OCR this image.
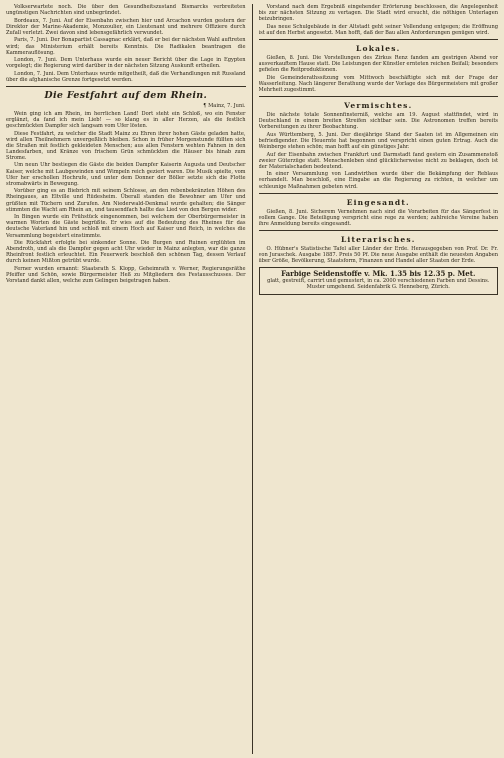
Volkserwartete noch. Die über den Gesundheitszustand Bismarcks verbreiteten ungünstigen Nachrichten sind unbegründet.

Bordeaux, 7. Juni. Auf der Eisenbahn zwischen hier und Arcachon wurden gestern der Direktor der Marine-Akademie, Monzoulier, ein Lieutenant und mehrere Offiziere durch Zufall verletzt. Zwei davon sind lebensgefährlich verwundet.

Paris, 7. Juni. Der Bonapartist Cassagnac erklärt, daß er bei der nächsten Wahl auftreten wird; das Ministerium erhält bereits Kenntnis. Die Radikalen beantragen die Kammerauflösung.

London, 7. Juni. Dem Unterhaus wurde ein neuer Bericht über die Lage in Egypten vorgelegt; die Regierung wird darüber in der nächsten Sitzung Auskunft ertheilen.

London, 7. Juni. Dem Unterhaus wurde mitgetheilt, daß die Verhandlungen mit Russland über die afghanische Grenze fortgesetzt werden.

Die Festfahrt auf dem Rhein.

¶ Mainz, 7. Juni.

Wein ging ich am Rhein, im herrlichen Land! Dort steht ein Schloß, wo ein Fenster erglänzt, da fand ich mein Lieb! — so klang es in aller Herzen, als die festlich geschmückten Dampfer sich langsam vom Ufer lösten.

Diese Festfahrt, zu welcher die Stadt Mainz zu Ehren ihrer hohen Gäste geladen hatte, wird allen Theilnehmern unvergeßlich bleiben. Schon in früher Morgenstunde füllten sich die Straßen mit festlich gekleideten Menschen; aus allen Fenstern wehten Fahnen in den Landesfarben, und Kränze von frischem Grün schmückten die Häuser bis hinab zum Strome.

Um neun Uhr bestiegen die Gäste die beiden Dampfer Kaiserin Augusta und Deutscher Kaiser, welche mit Laubgewinden und Wimpeln reich geziert waren. Die Musik spielte, vom Ufer her erschollen Hochrufe, und unter dem Donner der Böller setzte sich die Flotte stromabwärts in Bewegung.

Vorüber ging es an Biebrich mit seinem Schlosse, an den rebenbekränzten Höhen des Rheingaues, an Eltville und Rüdesheim. Überall standen die Bewohner am Ufer und grüßten mit Tüchern und Zurufen. Am Niederwald-Denkmal wurde gehalten; die Sänger stimmten die Wacht am Rhein an, und tausendfach hallte das Lied von den Bergen wider.

In Bingen wurde ein Frühstück eingenommen, bei welchem der Oberbürgermeister in warmen Worten die Gäste begrüßte. Er wies auf die Bedeutung des Rheines für das deutsche Vaterland hin und schloß mit einem Hoch auf Kaiser und Reich, in welches die Versammlung begeistert einstimmte.

Die Rückfahrt erfolgte bei sinkender Sonne. Die Burgen und Ruinen erglühten im Abendroth, und als die Dampfer gegen acht Uhr wieder in Mainz anlegten, war die ganze Rheinfront festlich erleuchtet. Ein Feuerwerk beschloß den schönen Tag, dessen Verlauf durch keinen Mißton getrübt wurde.

Ferner wurden ernannt: Staatsrath S. Klopp, Geheimrath v. Werner, Regierungsräthe Pfeiffer und Schön, sowie Bürgermeister Heß zu Mitgliedern des Festausschusses. Der Vorstand dankt allen, welche zum Gelingen beigetragen haben.

Vorstand nach dem Ergebniß eingehender Erörterung beschlossen, die Angelegenheit bis zur nächsten Sitzung zu vertagen. Die Stadt wird ersucht, die nöthigen Unterlagen beizubringen.

Das neue Schulgebäude in der Altstadt geht seiner Vollendung entgegen; die Eröffnung ist auf den Herbst angesetzt. Man hofft, daß der Bau allen Anforderungen genügen wird.

Lokales.

Gießen, 8. Juni. Die Vorstellungen des Zirkus Renz fanden am gestrigen Abend vor ausverkauftem Hause statt. Die Leistungen der Künstler ernteten reichen Beifall; besonders gefielen die Reitproduktionen.

Die Gemeinderathssitzung vom Mittwoch beschäftigte sich mit der Frage der Wasserleitung. Nach längerer Berathung wurde der Vorlage des Bürgermeisters mit großer Mehrheit zugestimmt.

Vermischtes.

Die nächste totale Sonnenfinsterniß, welche am 19. August stattfindet, wird in Deutschland in einem breiten Streifen sichtbar sein. Die Astronomen treffen bereits Vorbereitungen zu ihrer Beobachtung.

Aus Württemberg, 5. Juni. Der diesjährige Stand der Saaten ist im Allgemeinen ein befriedigender. Die Heuernte hat begonnen und verspricht einen guten Ertrag. Auch die Weinberge stehen schön; man hofft auf ein günstiges Jahr.

Auf der Eisenbahn zwischen Frankfurt und Darmstadt fand gestern ein Zusammenstoß zweier Güterzüge statt. Menschenleben sind glücklicherweise nicht zu beklagen, doch ist der Materialschaden bedeutend.

In einer Versammlung von Landwirthen wurde über die Bekämpfung der Reblaus verhandelt. Man beschloß, eine Eingabe an die Regierung zu richten, in welcher um schleunige Maßnahmen gebeten wird.

Eingesandt.

Gießen, 8. Juni. Sicherem Vernehmen nach sind die Vorarbeiten für das Sängerfest in vollem Gange. Die Beteiligung verspricht eine rege zu werden; zahlreiche Vereine haben ihre Anmeldung bereits eingesandt.

Literarisches.

O. Hübner's Statistische Tafel aller Länder der Erde. Herausgegeben von Prof. Dr. Fr. von Juraschek. Ausgabe 1887. Preis 50 Pf. Die neue Ausgabe enthält die neuesten Angaben über Größe, Bevölkerung, Staatsform, Finanzen und Handel aller Staaten der Erde.

Farbige Seidenstoffe v. Mk. 1.35 bis 12.35 p. Met.

glatt, gestreift, carrirt und gemustert, in ca. 2000 verschiedenen Farben und Dessins. Muster umgehend. Seidenfabrik G. Henneberg, Zürich.
